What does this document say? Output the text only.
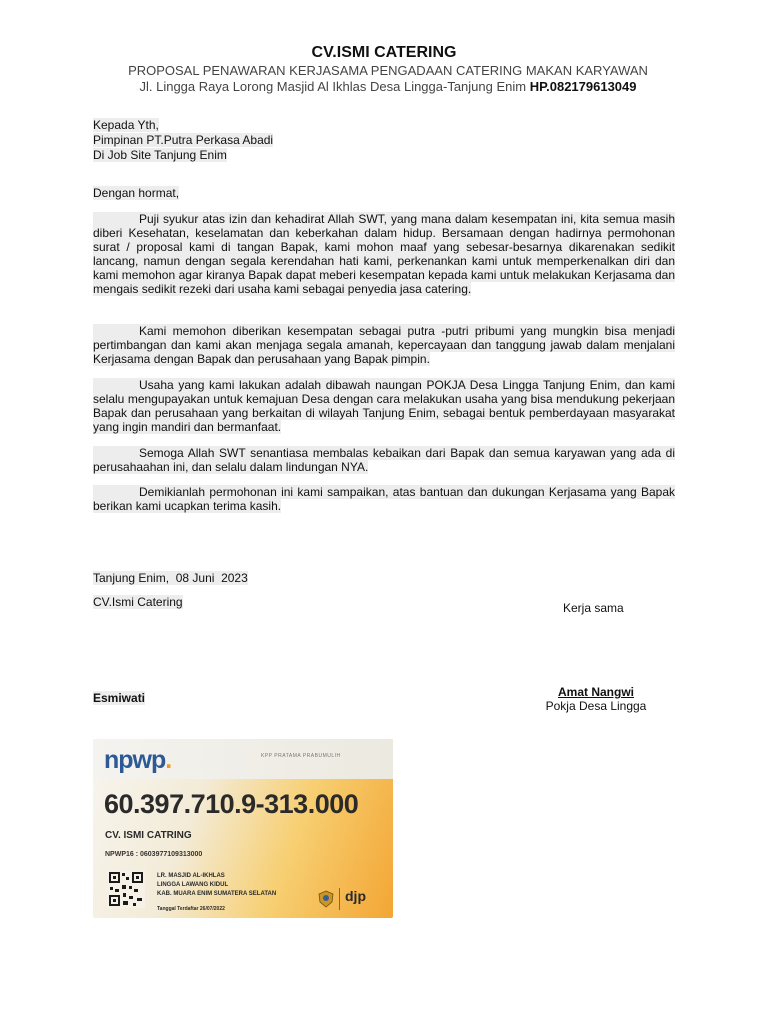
CV.ISMI CATERING
PROPOSAL PENAWARAN KERJASAMA PENGADAAN CATERING MAKAN KARYAWAN
Jl. Lingga Raya Lorong Masjid Al Ikhlas Desa Lingga-Tanjung Enim HP.082179613049
Kepada Yth,
Pimpinan PT.Putra Perkasa Abadi
Di Job Site Tanjung Enim
Dengan hormat,
Puji syukur atas izin dan kehadirat Allah SWT, yang mana dalam kesempatan ini, kita semua masih diberi Kesehatan, keselamatan dan keberkahan dalam hidup. Bersamaan dengan hadirnya permohonan surat / proposal kami di tangan Bapak, kami mohon maaf yang sebesar-besarnya dikarenakan sedikit lancang, namun dengan segala kerendahan hati kami, perkenankan kami untuk memperkenalkan diri dan kami memohon agar kiranya Bapak dapat meberi kesempatan kepada kami untuk melakukan Kerjasama dan mengais sedikit rezeki dari usaha kami sebagai penyedia jasa catering.
Kami memohon diberikan kesempatan sebagai putra -putri pribumi yang mungkin bisa menjadi pertimbangan dan kami akan menjaga segala amanah, kepercayaan dan tanggung jawab dalam menjalani Kerjasama dengan Bapak dan perusahaan yang Bapak pimpin.
Usaha yang kami lakukan adalah dibawah naungan POKJA Desa Lingga Tanjung Enim, dan kami selalu mengupayakan untuk kemajuan Desa dengan cara melakukan usaha yang bisa mendukung pekerjaan Bapak dan perusahaan yang berkaitan di wilayah Tanjung Enim, sebagai bentuk pemberdayaan masyarakat yang ingin mandiri dan bermanfaat.
Semoga Allah SWT senantiasa membalas kebaikan dari Bapak dan semua karyawan yang ada di perusahaahan ini, dan selalu dalam lindungan NYA.
Demikianlah permohonan ini kami sampaikan, atas bantuan dan dukungan Kerjasama yang Bapak berikan kami ucapkan terima kasih.
Tanjung Enim,  08 Juni  2023
CV.Ismi Catering	Kerja sama
Esmiwati	Amat Nangwi
Pokja Desa Lingga
npwp.	KPP PRATAMA PRABUMULIH
60.397.710.9-313.000
CV. ISMI CATRING
NPWP16 : 0603977109313000
LR. MASJID AL-IKHLAS
LINGGA LAWANG KIDUL
KAB. MUARA ENIM SUMATERA SELATAN
Tanggal Terdaftar 26/07/2022
djp
